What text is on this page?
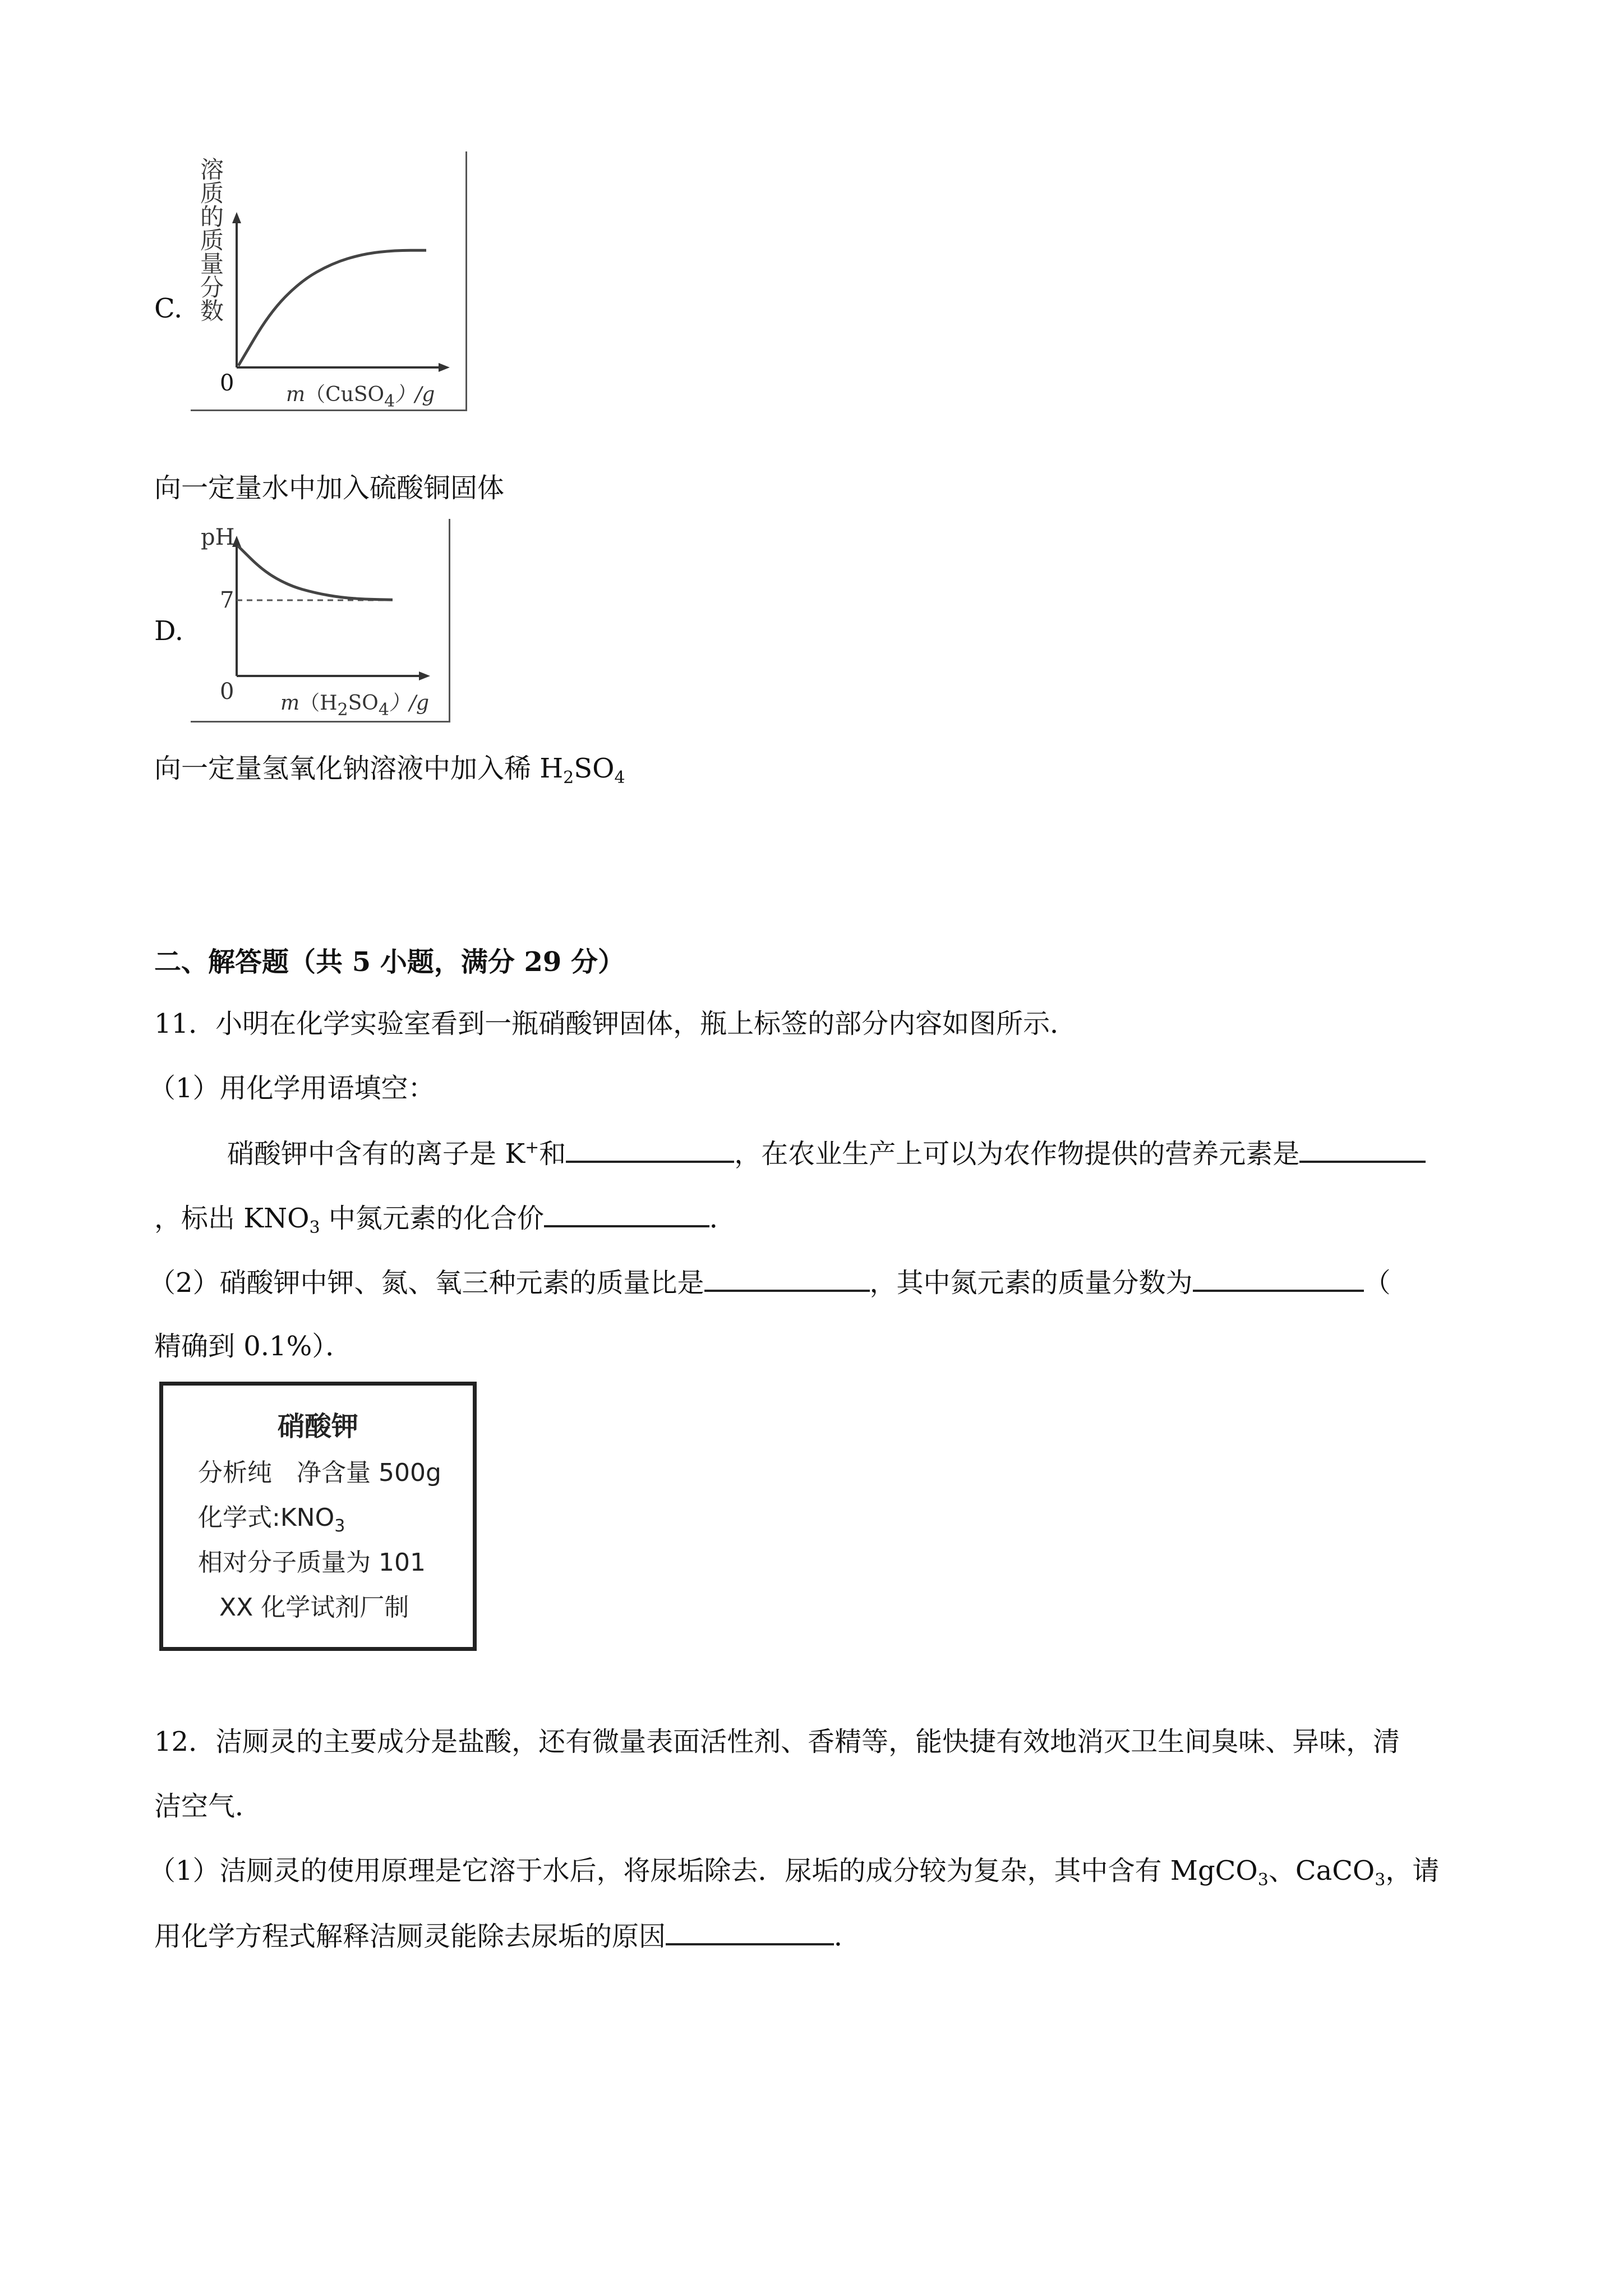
C.
溶质的质量分数
0	m（CuSO$_4$）/g
向一定量水中加入硫酸铜固体
D.
pH
7
0 $m(H_2SO_4)/g$
向一定量氢氧化钠溶液中加入稀 $H_2SO_4$
二、解答题（共 5 小题，满分 29 分）
11．小明在化学实验室看到一瓶硝酸钾固体，瓶上标签的部分内容如图所示．
（1）用化学用语填空：
硝酸钾中含有的离子是 K+和	，在农业生产上可以为农作物提供的营养元素是
，标出 $KNO_3$ 中氮元素的化合价	．
（2）硝酸钾中钾、氮、氧三种元素的质量比是	，其中氮元素的质量分数为	（
精确到 0.1%）．
硝酸钾
分析纯　净含量 500g
化学式$:KNO_3$
相对分子质量为 101
XX 化学试剂厂制
12．洁厕灵的主要成分是盐酸，还有微量表面活性剂、香精等，能快捷有效地消灭卫生间臭味、异味，清
洁空气．
（1）洁厕灵的使用原理是它溶于水后，将尿垢除去．尿垢的成分较为复杂，其中含有 MgCO$_3$、CaCO$_3$，请
用化学方程式解释洁厕灵能除去尿垢的原因	．
